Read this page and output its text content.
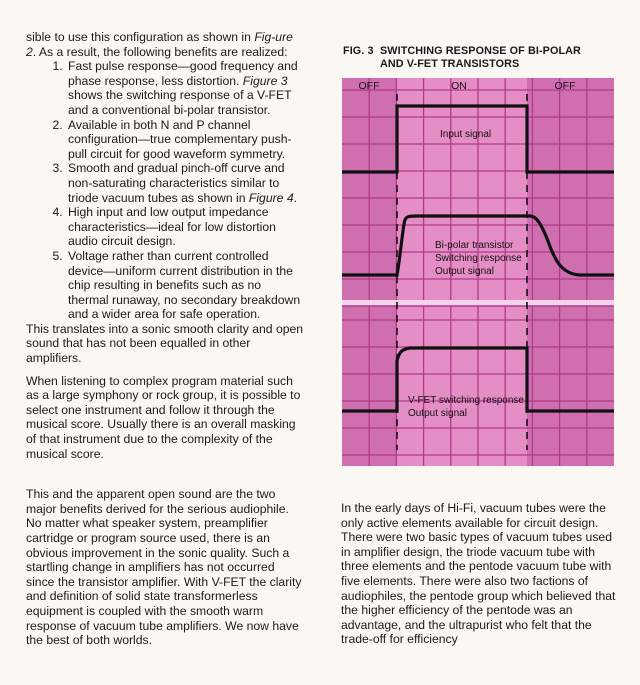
sible to use this configuration as shown in Fig-ure 2. As a result, the following benefits are realized:

1. Fast pulse response—good frequency and phase response, less distortion. Figure 3 shows the switching response of a V-FET and a conventional bi-polar transistor.
2. Available in both N and P channel configuration—true complementary push-pull circuit for good waveform symmetry.
3. Smooth and gradual pinch-off curve and non-saturating characteristics similar to triode vacuum tubes as shown in Figure 4.
4. High input and low output impedance characteristics—ideal for low distortion audio circuit design.
5. Voltage rather than current controlled device—uniform current distribution in the chip resulting in benefits such as no thermal runaway, no secondary breakdown and a wider area for safe operation.

This translates into a sonic smooth clarity and open sound that has not been equalled in other amplifiers.

When listening to complex program material such as a large symphony or rock group, it is possible to select one instrument and follow it through the musical score. Usually there is an overall masking of that instrument due to the complexity of the musical score.

This and the apparent open sound are the two major benefits derived for the serious audiophile. No matter what speaker system, preamplifier cartridge or program source used, there is an obvious improvement in the sonic quality. Such a startling change in amplifiers has not occurred since the transistor amplifier. With V-FET the clarity and definition of solid state transformerless equipment is coupled with the smooth warm response of vacuum tube amplifiers. We now have the best of both worlds.

FIG. 3 SWITCHING RESPONSE OF BI-POLAR
AND V-FET TRANSISTORS
OFF	ON	OFF
Input signal
Bi-polar transistor
Switching response
Output signal
V-FET switching response
Output signal

In the early days of Hi-Fi, vacuum tubes were the only active elements available for circuit design. There were two basic types of vacuum tubes used in amplifier design, the triode vacuum tube with three elements and the pentode vacuum tube with five elements. There were also two factions of audiophiles, the pentode group which believed that the higher efficiency of the pentode was an advantage, and the ultrapurist who felt that the trade-off for efficiency
